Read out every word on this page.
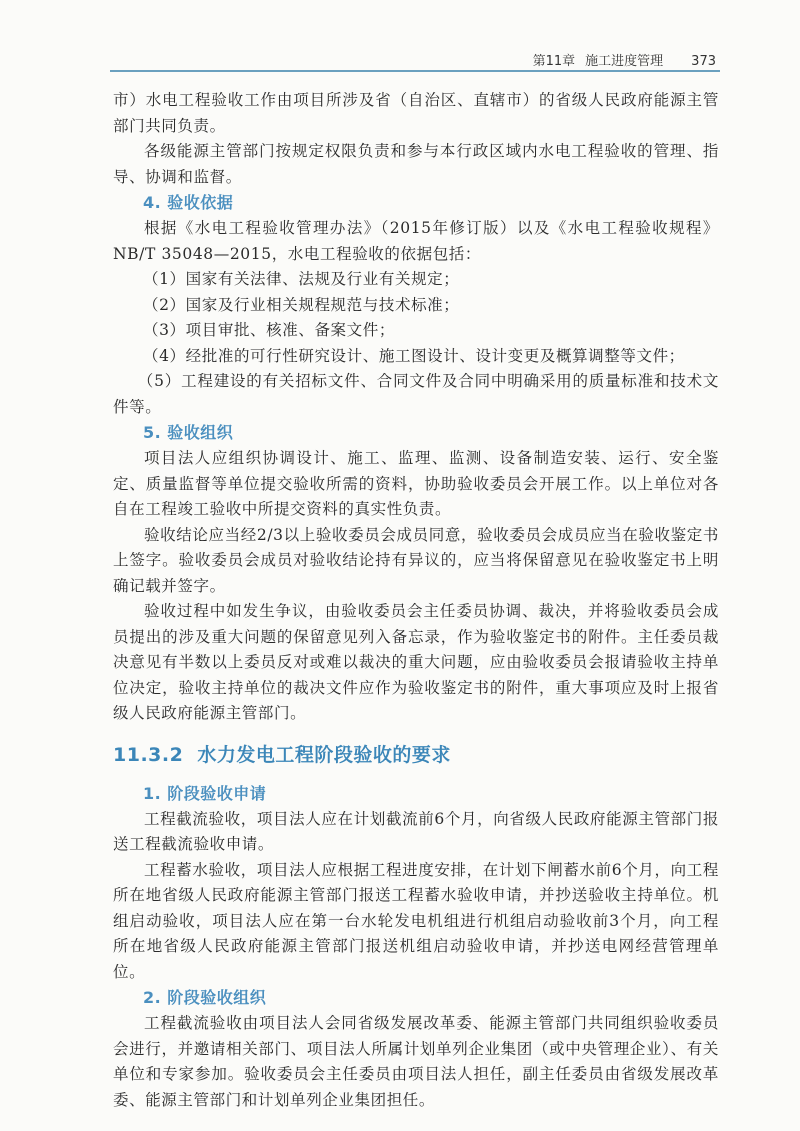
第11章 施工进度管理 373

市）水电工程验收工作由项目所涉及省（自治区、直辖市）的省级人民政府能源主管部门共同负责。

各级能源主管部门按规定权限负责和参与本行政区域内水电工程验收的管理、指导、协调和监督。

4. 验收依据

根据《水电工程验收管理办法》（2015年修订版）以及《水电工程验收规程》NB/T 35048—2015，水电工程验收的依据包括：

（1）国家有关法律、法规及行业有关规定；

（2）国家及行业相关规程规范与技术标准；

（3）项目审批、核准、备案文件；

（4）经批准的可行性研究设计、施工图设计、设计变更及概算调整等文件；

（5）工程建设的有关招标文件、合同文件及合同中明确采用的质量标准和技术文件等。

5. 验收组织

项目法人应组织协调设计、施工、监理、监测、设备制造安装、运行、安全鉴定、质量监督等单位提交验收所需的资料，协助验收委员会开展工作。以上单位对各自在工程竣工验收中所提交资料的真实性负责。

验收结论应当经2/3以上验收委员会成员同意，验收委员会成员应当在验收鉴定书上签字。验收委员会成员对验收结论持有异议的，应当将保留意见在验收鉴定书上明确记载并签字。

验收过程中如发生争议，由验收委员会主任委员协调、裁决，并将验收委员会成员提出的涉及重大问题的保留意见列入备忘录，作为验收鉴定书的附件。主任委员裁决意见有半数以上委员反对或难以裁决的重大问题，应由验收委员会报请验收主持单位决定，验收主持单位的裁决文件应作为验收鉴定书的附件，重大事项应及时上报省级人民政府能源主管部门。

11.3.2 水力发电工程阶段验收的要求
1. 阶段验收申请

工程截流验收，项目法人应在计划截流前6个月，向省级人民政府能源主管部门报送工程截流验收申请。

工程蓄水验收，项目法人应根据工程进度安排，在计划下闸蓄水前6个月，向工程所在地省级人民政府能源主管部门报送工程蓄水验收申请，并抄送验收主持单位。机组启动验收，项目法人应在第一台水轮发电机组进行机组启动验收前3个月，向工程所在地省级人民政府能源主管部门报送机组启动验收申请，并抄送电网经营管理单位。

2. 阶段验收组织

工程截流验收由项目法人会同省级发展改革委、能源主管部门共同组织验收委员会进行，并邀请相关部门、项目法人所属计划单列企业集团（或中央管理企业）、有关单位和专家参加。验收委员会主任委员由项目法人担任，副主任委员由省级发展改革委、能源主管部门和计划单列企业集团担任。
